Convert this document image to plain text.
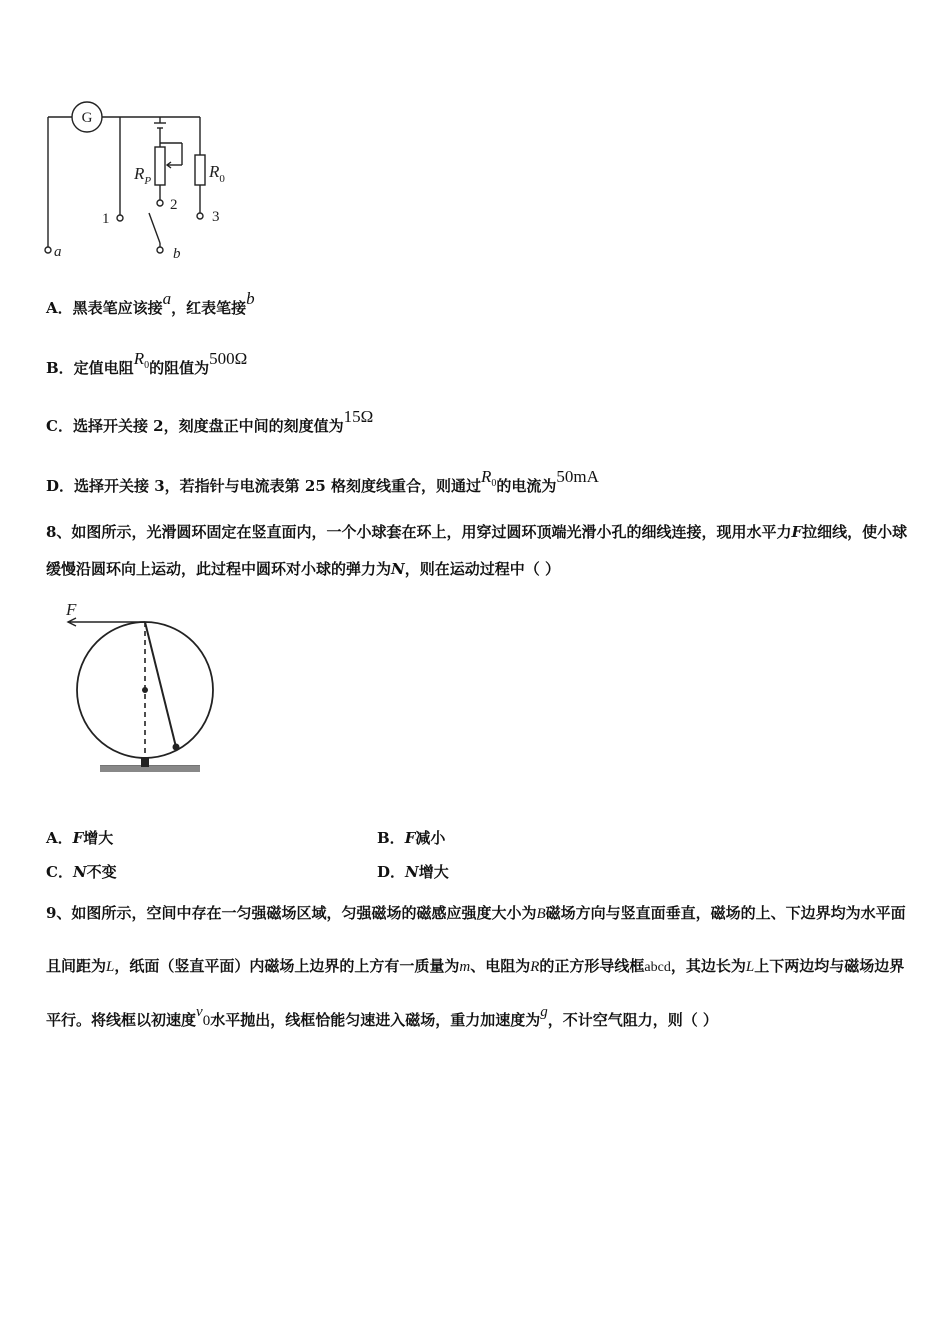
G
$R_P$	$R_0$
1
2
3
a	b
A．黑表笔应该接a，红表笔接b
B．定值电阻$R_0$的阻值为500Ω
C．选择开关接 2，刻度盘正中间的刻度值为15Ω
D．选择开关接 3，若指针与电流表第 25 格刻度线重合，则通过$R_0$的电流为50mA
8、如图所示，光滑圆环固定在竖直面内，一个小球套在环上，用穿过圆环顶端光滑小孔的细线连接，现用水平力F拉细线，使小球缓慢沿圆环向上运动，此过程中圆环对小球的弹力为N，则在运动过程中（ ）
F
A．F增大	B．F减小
C．N不变	D．N增大
9、如图所示，空间中存在一匀强磁场区域，匀强磁场的磁感应强度大小为B磁场方向与竖直面垂直，磁场的上、下边界均为水平面且间距为L，纸面（竖直平面）内磁场上边界的上方有一质量为m、电阻为R的正方形导线框abcd，其边长为L上下两边均与磁场边界平行。将线框以初速度$v_0$水平抛出，线框恰能匀速进入磁场，重力加速度为g，不计空气阻力，则（ ）
